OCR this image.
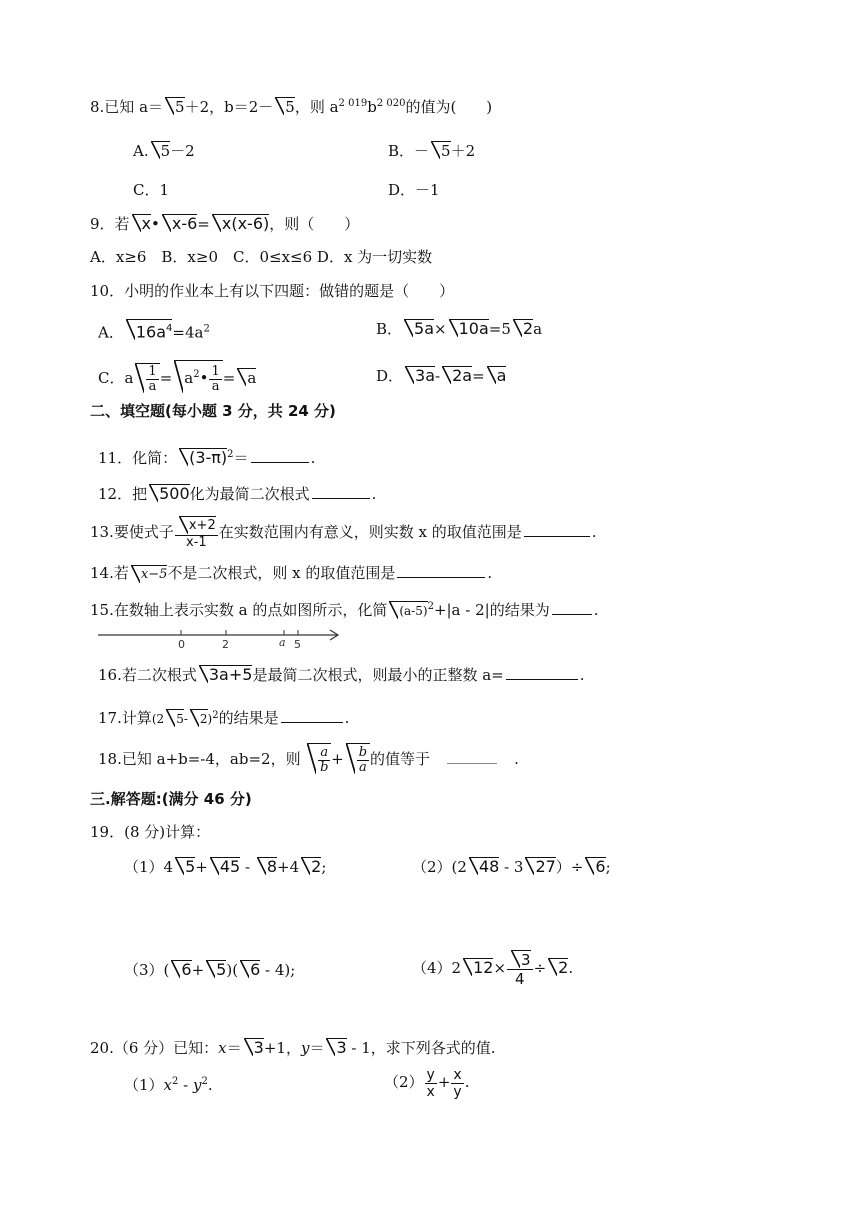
8.已知 a＝ 5＋2，b＝2－ 5，则 $a^{2 019}b^{2 020}$的值为(　　)
A. 5－2	B．－ 5＋2
C．1	D．－1
9．若 x• x-6= x(x-6)，则（　　）
A．x≥6　B．x≥0　C．0≤x≤6 D．x 为一切实数
10．小明的作业本上有以下四题：做错的题是（　　）
A． $16a^4=4a^2$	B． 5a× 10a=5 2a
C．a $\frac{1}{a}$ = $a^2• \frac{1}{a} = a$	D． 3a- 2a= a
二、填空题(每小题 3 分，共 24 分)
11．化简： $(3-\pi)^2=$	.
12．把 500化为最简二次根式	.
13.要使式子 $\frac{x+2}{x-1}$ 在实数范围内有意义，则实数 x 的取值范围是	.
14.若 x−5不是二次根式，则 x 的取值范围是	.
15.在数轴上表示实数 a 的点如图所示，化简 $(a-5)^2+|a - 2|$的结果为	.
0	2	a 5
16.若二次根式 3a+5是最简二次根式，则最小的正整数 a=	.
17.计算(2 5- 2)$^2$的结果是	.
18.已知 a+b=-4，ab=2，则 $\frac{a}{b} + \frac{b}{a}$ 的值等于　　	.
三.解答题:(满分 46 分)
19．(8 分)计算：
（1）4 5+ 45 - 8+4 2;	（2）(2 48 - 3 27）÷ 6;
（3）( 6+ 5)( 6 - 4);	（4）2 $12\times \frac{3}{4} \div 2$.
20.（6 分）已知：x＝ 3+1，y＝ 3 - 1，求下列各式的值.
$(1)x^2 - y^2$.	$(2) \frac{y}{x} + \frac{x}{y}$ .
